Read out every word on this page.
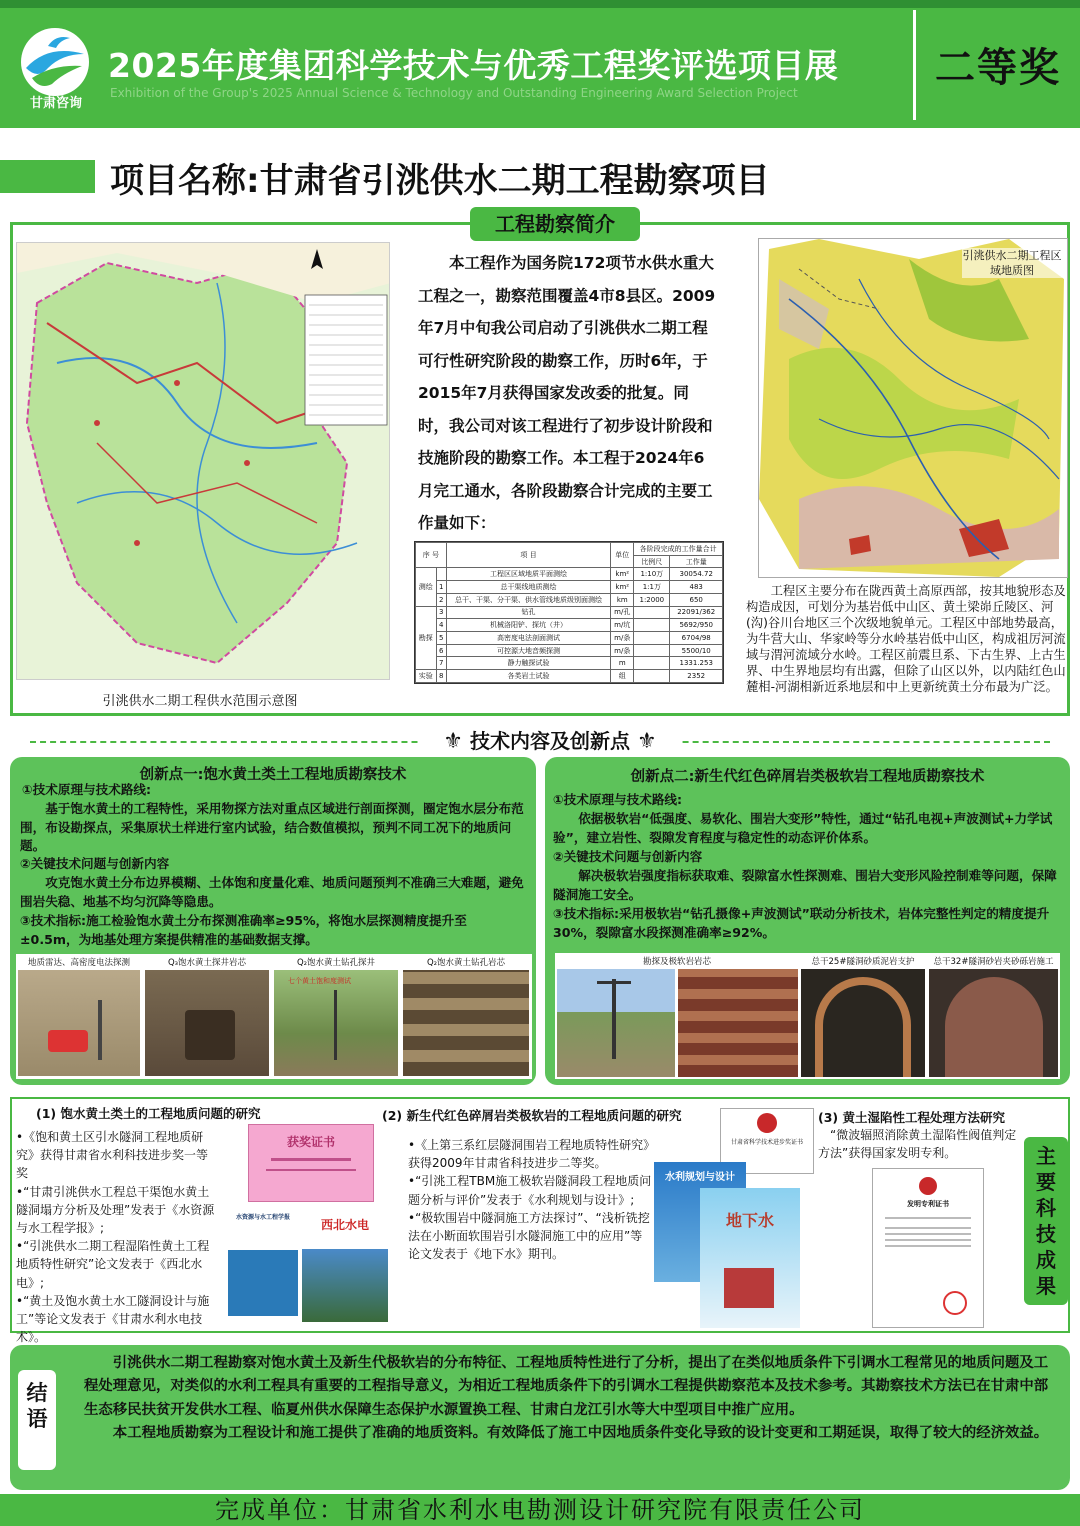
甘肃咨询
2025年度集团科学技术与优秀工程奖评选项目展
Exhibition of the Group's 2025 Annual Science & Technology and Outstanding Engineering Award Selection Project
二等奖
项目名称:甘肃省引洮供水二期工程勘察项目
工程勘察简介
引洮供水二期工程供水范围示意图
本工程作为国务院172项节水供水重大工程之一，勘察范围覆盖4市8县区。2009年7月中旬我公司启动了引洮供水二期工程可行性研究阶段的勘察工作，历时6年，于2015年7月获得国家发改委的批复。同时，我公司对该工程进行了初步设计阶段和技施阶段的勘察工作。本工程于2024年6月完工通水，各阶段勘察合计完成的主要工作量如下：
序 号		项 目	单位	各阶段完成的工作量合计	
				比例尺	工作量
测绘		工程区区域地质平面测绘	km²	1:10万	30054.72
	1	总干渠线地质测绘	km²	1:1万	483
	2	总干、干渠、分干渠、供水管线地质级别面测绘	km	1:2000	650
勘探	3	钻孔	m/孔		22091/362
	4	机械洛阳铲、探坑（井）	m/坑		5692/950
	5	高密度电法剖面测试	m/条		6704/98
	6	可控源大地音频探测	m/条		5500/10
	7	静力触探试验	m		1331.253
实验	8	各类岩土试验	组		2352
引洮供水二期工程区域地质图
工程区主要分布在陇西黄土高原西部，按其地貌形态及构造成因，可划分为基岩低中山区、黄土梁峁丘陵区、河(沟)谷川台地区三个次级地貌单元。工程区中部地势最高，为牛营大山、华家岭等分水岭基岩低中山区，构成祖厉河流域与渭河流域分水岭。工程区前震旦系、下古生界、上古生界、中生界地层均有出露，但除了山区以外，以内陆红色山麓相-河湖相新近系地层和中上更新统黄土分布最为广泛。
⚜ 技术内容及创新点 ⚜
创新点一:饱水黄土类土工程地质勘察技术
①技术原理与技术路线:
基于饱水黄土的工程特性，采用物探方法对重点区域进行剖面探测，圈定饱水层分布范围，布设勘探点，采集原状土样进行室内试验，结合数值模拟，预判不同工况下的地质问题。
②关键技术问题与创新内容
攻克饱水黄土分布边界模糊、土体饱和度量化难、地质问题预判不准确三大难题，避免围岩失稳、地基不均匀沉降等隐患。
③技术指标:施工检验饱水黄土分布探测准确率≥95%，将饱水层探测精度提升至±0.5m，为地基处理方案提供精准的基础数据支撑。
地质雷达、高密度电法探测	Q₃饱水黄土探井岩芯	Q₂饱水黄土钻孔探井	Q₂饱水黄土钻孔岩芯
七个黄土饱和度测试
创新点二:新生代红色碎屑岩类极软岩工程地质勘察技术
①技术原理与技术路线:
依据极软岩“低强度、易软化、围岩大变形”特性，通过“钻孔电视+声波测试+力学试验”，建立岩性、裂隙发育程度与稳定性的动态评价体系。
②关键技术问题与创新内容
解决极软岩强度指标获取难、裂隙富水性探测难、围岩大变形风险控制难等问题，保障隧洞施工安全。
③技术指标:采用极软岩“钻孔摄像+声波测试”联动分析技术，岩体完整性判定的精度提升30%，裂隙富水段探测准确率≥92%。
勘探及极软岩岩芯	总干25#隧洞砂质泥岩支护	总干32#隧洞砂岩夹砂砾岩施工
主要科技成果
(1) 饱水黄土类土的工程地质问题的研究
•《饱和黄土区引水隧洞工程地质研究》获得甘肃省水利科技进步奖一等奖
•“甘肃引洮供水工程总干渠饱水黄土隧洞塌方分析及处理”发表于《水资源与水工程学报》;
•“引洮供水二期工程湿陷性黄土工程地质特性研究”论文发表于《西北水电》;
•“黄土及饱水黄土水工隧洞设计与施工”等论文发表于《甘肃水利水电技术》。
获奖证书
水资源与水工程学报
西北水电
(2) 新生代红色碎屑岩类极软岩的工程地质问题的研究
•《上第三系红层隧洞围岩工程地质特性研究》获得2009年甘肃省科技进步二等奖。
•“引洮工程TBM施工极软岩隧洞段工程地质问题分析与评价”发表于《水利规划与设计》;
•“极软围岩中隧洞施工方法探讨”、“浅析铣挖法在小断面软围岩引水隧洞施工中的应用”等论文发表于《地下水》期刊。
甘肃省科学技术进步奖证书
水利规划与设计
地下水
(3) 黄土湿陷性工程处理方法研究
“微波辐照消除黄土湿陷性阀值判定方法”获得国家发明专利。
发明专利证书
结语
引洮供水二期工程勘察对饱水黄土及新生代极软岩的分布特征、工程地质特性进行了分析，提出了在类似地质条件下引调水工程常见的地质问题及工程处理意见，对类似的水利工程具有重要的工程指导意义，为相近工程地质条件下的引调水工程提供勘察范本及技术参考。其勘察技术方法已在甘肃中部生态移民扶贫开发供水工程、临夏州供水保障生态保护水源置换工程、甘肃白龙江引水等大中型项目中推广应用。
本工程地质勘察为工程设计和施工提供了准确的地质资料。有效降低了施工中因地质条件变化导致的设计变更和工期延误，取得了较大的经济效益。
完成单位：甘肃省水利水电勘测设计研究院有限责任公司
